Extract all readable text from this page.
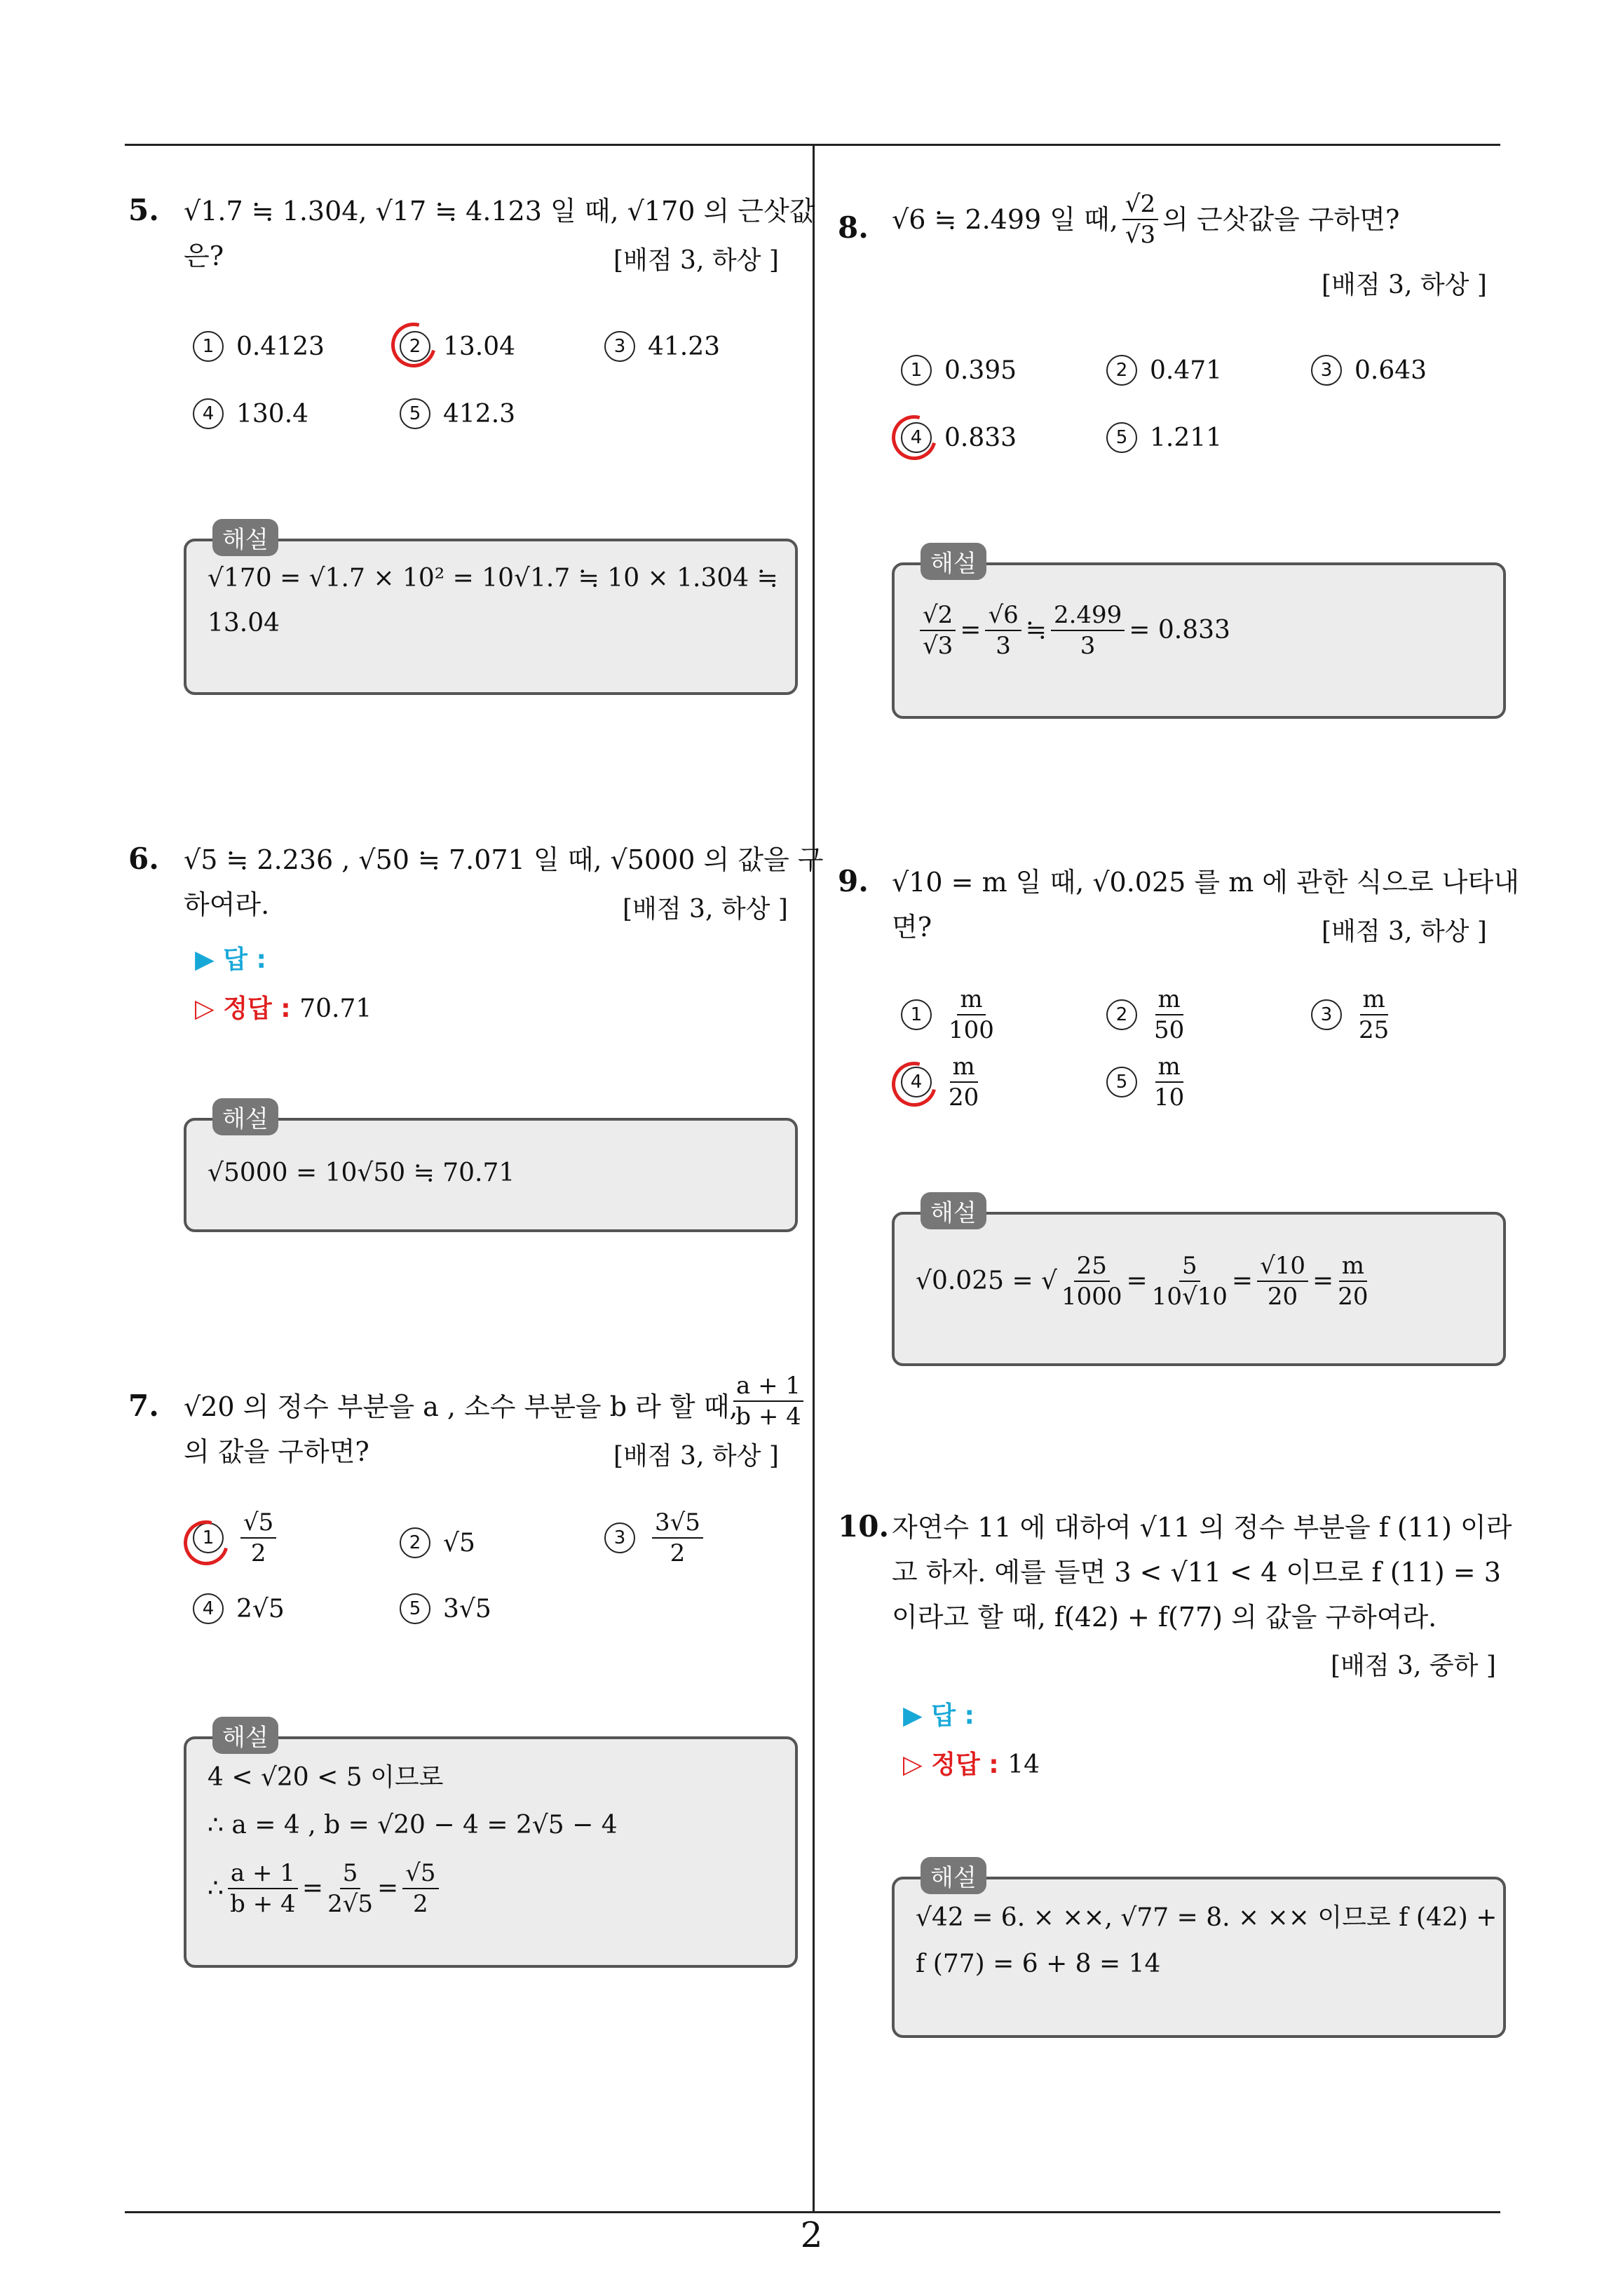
2
5. √1.7 ≒ 1.304, √17 ≒ 4.123 일 때, √170 의 근삿값
은?	[배점 3, 하상 ]
1 0.4123	2 13.04	3 41.23
4 130.4	5 412.3
√170 = √1.7 × 10² = 10√1.7 ≒ 10 × 1.304 ≒
13.04
해설
6. √5 ≒ 2.236 , √50 ≒ 7.071 일 때, √5000 의 값을 구
하여라.	[배점 3, 하상 ]
▶ 답 :
▷ 정답 : 70.71
√5000 = 10√50 ≒ 70.71
해설
7. √20 의 정수 부분을 a , 소수 부분을 b 라 할 때,
$\frac{a + 1}{b + 4}$
의 값을 구하면?	[배점 3, 하상 ]
1	$\frac{√5}{2}$	2 √5	3	$\frac{3√5}{2}$
4 2√5	5 3√5
4 < √20 < 5 이므로
∴ a = 4 , b = √20 − 4 = 2√5 − 4
∴ $\frac{a + 1}{b + 4} = \frac{5}{2√5} = \frac{√5}{2}$
해설
8. √6 ≒ 2.499 일 때, $\frac{√2}{√3}$ 의 근삿값을 구하면?
[배점 3, 하상 ]
1 0.395	2 0.471	3 0.643
4 0.833	5 1.211
$\frac{√2}{√3} = \frac{√6}{3}$ ≒ $\frac{2.499}{3} = 0.833$
해설
9. √10 = m 일 때, √0.025 를 m 에 관한 식으로 나타내
면?	[배점 3, 하상 ]
1	$\frac{m}{100}$	2	$\frac{m}{50}$	3	$\frac{m}{25}$
4	$\frac{m}{20}$	5	$\frac{m}{10}$
√0.025 = √ $\frac{25}{1000} = \frac{5}{10√10} = \frac{√10}{20} = \frac{m}{20}$
해설
10. 자연수 11 에 대하여 √11 의 정수 부분을 f (11) 이라
고 하자. 예를 들면 3 < √11 < 4 이므로 f (11) = 3
이라고 할 때, f(42) + f(77) 의 값을 구하여라.
[배점 3, 중하 ]
▶ 답 :
▷ 정답 : 14
√42 = 6. × ××, √77 = 8. × ×× 이므로 f (42) +
f (77) = 6 + 8 = 14
해설
